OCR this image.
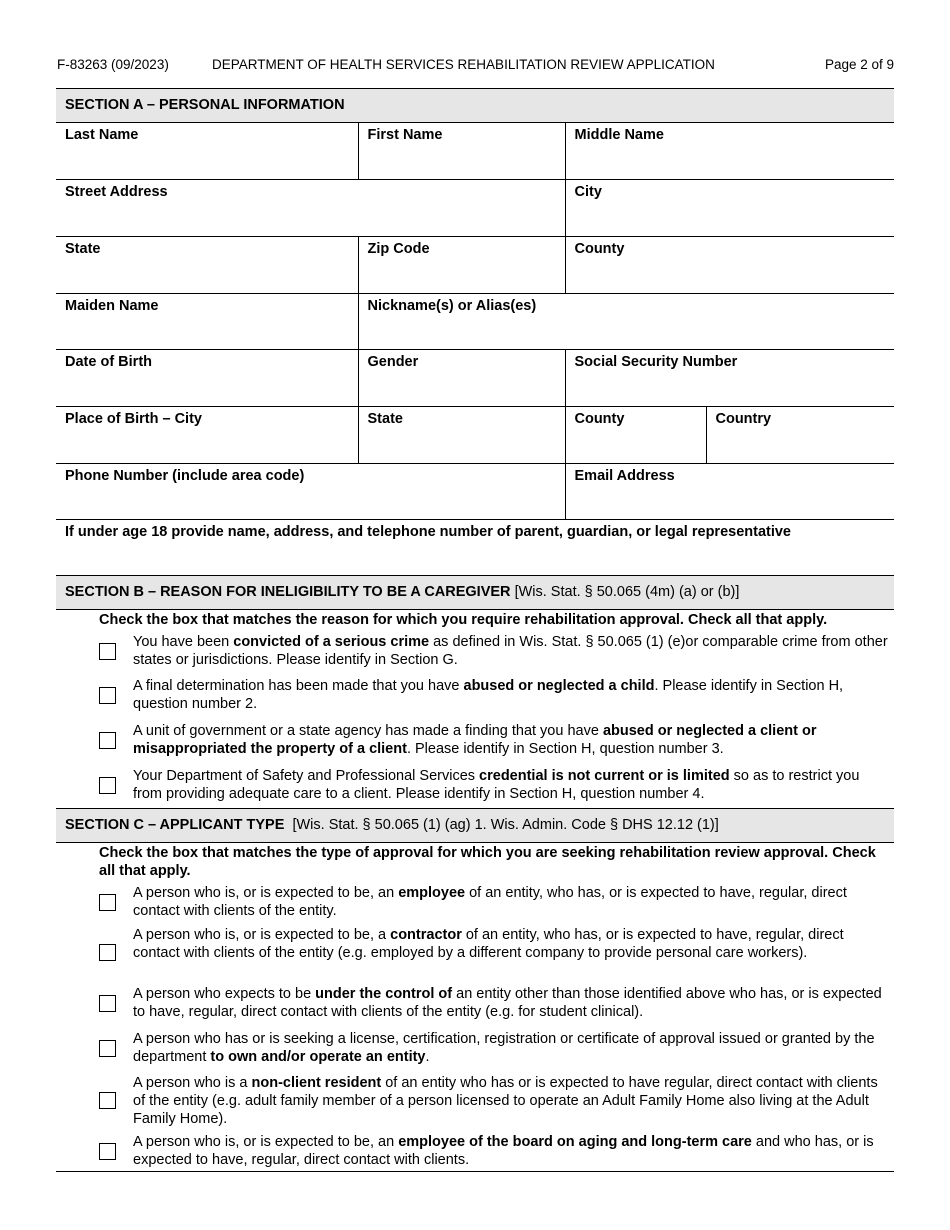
F-83263 (09/2023)	DEPARTMENT OF HEALTH SERVICES REHABILITATION REVIEW APPLICATION	Page 2 of 9
SECTION A – PERSONAL INFORMATION
Last Name	First Name	Middle Name	

Street Address		City	

State	Zip Code	County	

Maiden Name	Nickname(s) or Alias(es)		

Date of Birth	Gender	Social Security Number	

Place of Birth – City	State	County	Country

Phone Number (include area code)		Email Address	

If under age 18 provide name, address, and telephone number of parent, guardian, or legal representative			
SECTION B – REASON FOR INELIGIBILITY TO BE A CAREGIVER [Wis. Stat. § 50.065 (4m) (a) or (b)]
Check the box that matches the reason for which you require rehabilitation approval. Check all that apply.
You have been convicted of a serious crime as defined in Wis. Stat. § 50.065 (1) (e)or comparable crime from other states or jurisdictions. Please identify in Section G.
A final determination has been made that you have abused or neglected a child. Please identify in Section H, question number 2.
A unit of government or a state agency has made a finding that you have abused or neglected a client or misappropriated the property of a client. Please identify in Section H, question number 3.
Your Department of Safety and Professional Services credential is not current or is limited so as to restrict you from providing adequate care to a client. Please identify in Section H, question number 4.
SECTION C – APPLICANT TYPE [Wis. Stat. § 50.065 (1) (ag) 1. Wis. Admin. Code § DHS 12.12 (1)]
Check the box that matches the type of approval for which you are seeking rehabilitation review approval. Check all that apply.
A person who is, or is expected to be, an employee of an entity, who has, or is expected to have, regular, direct contact with clients of the entity.
A person who is, or is expected to be, a contractor of an entity, who has, or is expected to have, regular, direct contact with clients of the entity (e.g. employed by a different company to provide personal care workers).
A person who expects to be under the control of an entity other than those identified above who has, or is expected to have, regular, direct contact with clients of the entity (e.g. for student clinical).
A person who has or is seeking a license, certification, registration or certificate of approval issued or granted by the department to own and/or operate an entity.
A person who is a non-client resident of an entity who has or is expected to have regular, direct contact with clients of the entity (e.g. adult family member of a person licensed to operate an Adult Family Home also living at the Adult Family Home).
A person who is, or is expected to be, an employee of the board on aging and long-term care and who has, or is expected to have, regular, direct contact with clients.
